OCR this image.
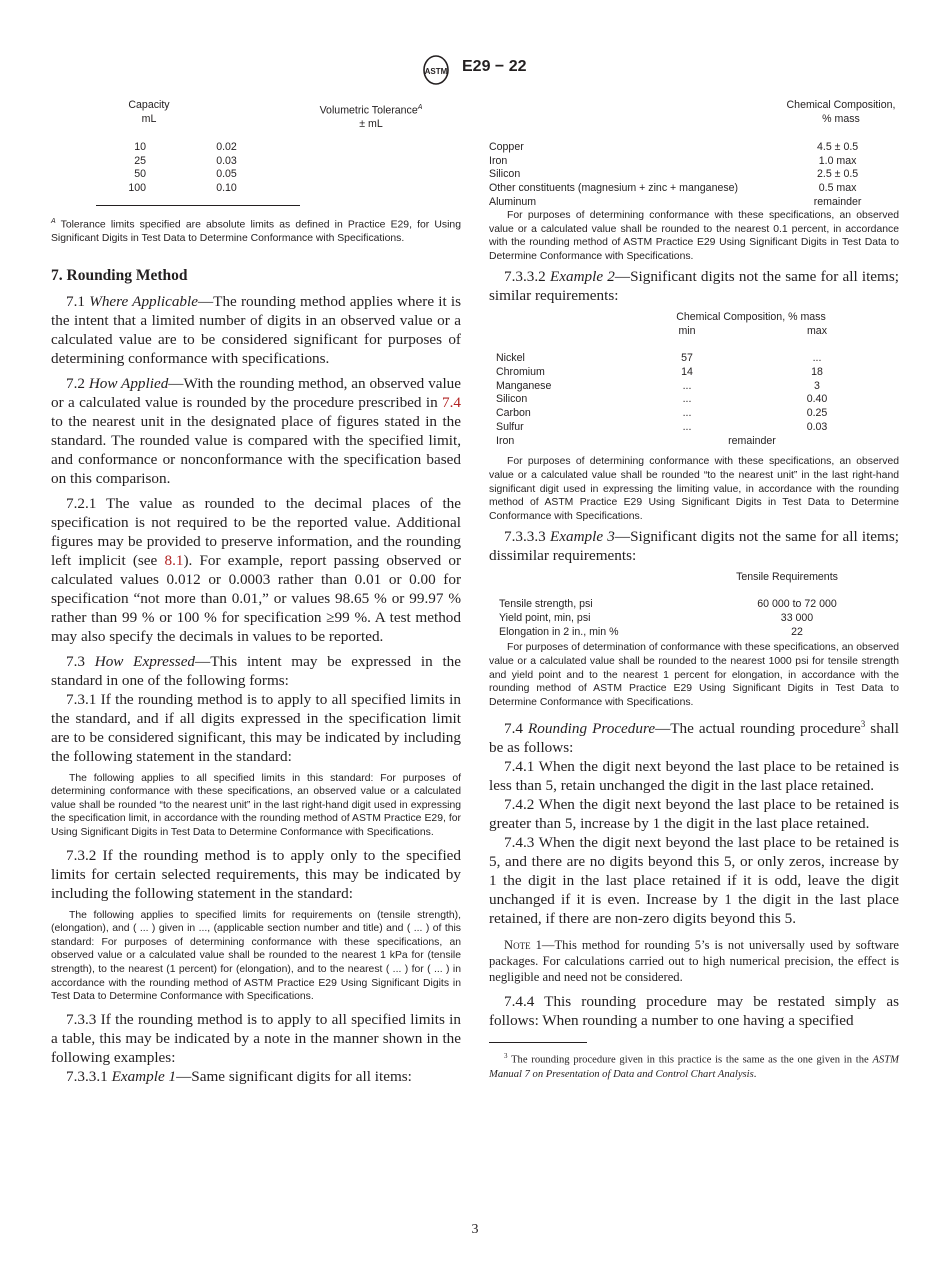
ASTM E29 − 22
Capacity
mL
Volumetric Tolerance$^A$
± mL
10	0.02
25	0.03
50	0.05
100	0.10

$^A$ Tolerance limits specified are absolute limits as defined in Practice E29, for Using Significant Digits in Test Data to Determine Conformance with Specifications.

7. Rounding Method

7.1 Where Applicable—The rounding method applies where it is the intent that a limited number of digits in an observed value or a calculated value are to be considered significant for purposes of determining conformance with specifications.

7.2 How Applied—With the rounding method, an observed value or a calculated value is rounded by the procedure prescribed in 7.4 to the nearest unit in the designated place of figures stated in the standard. The rounded value is compared with the specified limit, and conformance or nonconformance with the specification based on this comparison.

7.2.1 The value as rounded to the decimal places of the specification is not required to be the reported value. Additional figures may be provided to preserve information, and the rounding left implicit (see 8.1). For example, report passing observed or calculated values 0.012 or 0.0003 rather than 0.01 or 0.00 for specification “not more than 0.01,” or values 98.65 % or 99.97 % rather than 99 % or 100 % for specification ≥99 %. A test method may also specify the decimals in values to be reported.

7.3 How Expressed—This intent may be expressed in the standard in one of the following forms:

7.3.1 If the rounding method is to apply to all specified limits in the standard, and if all digits expressed in the specification limit are to be considered significant, this may be indicated by including the following statement in the standard:

The following applies to all specified limits in this standard: For purposes of determining conformance with these specifications, an observed value or a calculated value shall be rounded “to the nearest unit” in the last right-hand digit used in expressing the specification limit, in accordance with the rounding method of ASTM Practice E29, for Using Significant Digits in Test Data to Determine Conformance with Specifications.

7.3.2 If the rounding method is to apply only to the specified limits for certain selected requirements, this may be indicated by including the following statement in the standard:

The following applies to specified limits for requirements on (tensile strength), (elongation), and ( ... ) given in ..., (applicable section number and title) and ( ... ) of this standard: For purposes of determining conformance with these specifications, an observed value or a calculated value shall be rounded to the nearest 1 kPa for (tensile strength), to the nearest (1 percent) for (elongation), and to the nearest ( ... ) for ( ... ) in accordance with the rounding method of ASTM Practice E29 Using Significant Digits in Test Data to Determine Conformance with Specifications.

7.3.3 If the rounding method is to apply to all specified limits in a table, this may be indicated by a note in the manner shown in the following examples:

7.3.3.1 Example 1—Same significant digits for all items:

Chemical Composition,
% mass
Copper	4.5 ± 0.5
Iron	1.0 max
Silicon	2.5 ± 0.5
Other constituents (magnesium + zinc + manganese)	0.5 max
Aluminum	remainder

For purposes of determining conformance with these specifications, an observed value or a calculated value shall be rounded to the nearest 0.1 percent, in accordance with the rounding method of ASTM Practice E29 Using Significant Digits in Test Data to Determine Conformance with Specifications.

7.3.3.2 Example 2—Significant digits not the same for all items; similar requirements:

Chemical Composition, % mass
min	max
Nickel	57	...
Chromium	14	18
Manganese	...	3
Silicon	...	0.40
Carbon	...	0.25
Sulfur	...	0.03
Iron	remainder

For purposes of determining conformance with these specifications, an observed value or a calculated value shall be rounded “to the nearest unit” in the last right-hand significant digit used in expressing the limiting value, in accordance with the rounding method of ASTM Practice E29 Using Significant Digits in Test Data to Determine Conformance with Specifications.

7.3.3.3 Example 3—Significant digits not the same for all items; dissimilar requirements:

Tensile Requirements
Tensile strength, psi	60 000 to 72 000
Yield point, min, psi	33 000
Elongation in 2 in., min %	22

For purposes of determination of conformance with these specifications, an observed value or a calculated value shall be rounded to the nearest 1000 psi for tensile strength and yield point and to the nearest 1 percent for elongation, in accordance with the rounding method of ASTM Practice E29 Using Significant Digits in Test Data to Determine Conformance with Specifications.

7.4 Rounding Procedure—The actual rounding procedure$^3$ shall be as follows:

7.4.1 When the digit next beyond the last place to be retained is less than 5, retain unchanged the digit in the last place retained.

7.4.2 When the digit next beyond the last place to be retained is greater than 5, increase by 1 the digit in the last place retained.

7.4.3 When the digit next beyond the last place to be retained is 5, and there are no digits beyond this 5, or only zeros, increase by 1 the digit in the last place retained if it is odd, leave the digit unchanged if it is even. Increase by 1 the digit in the last place retained, if there are non-zero digits beyond this 5.

Note 1—This method for rounding 5’s is not universally used by software packages. For calculations carried out to high numerical precision, the effect is negligible and need not be considered.

7.4.4 This rounding procedure may be restated simply as follows: When rounding a number to one having a specified

$^3$ The rounding procedure given in this practice is the same as the one given in the ASTM Manual 7 on Presentation of Data and Control Chart Analysis.

3
